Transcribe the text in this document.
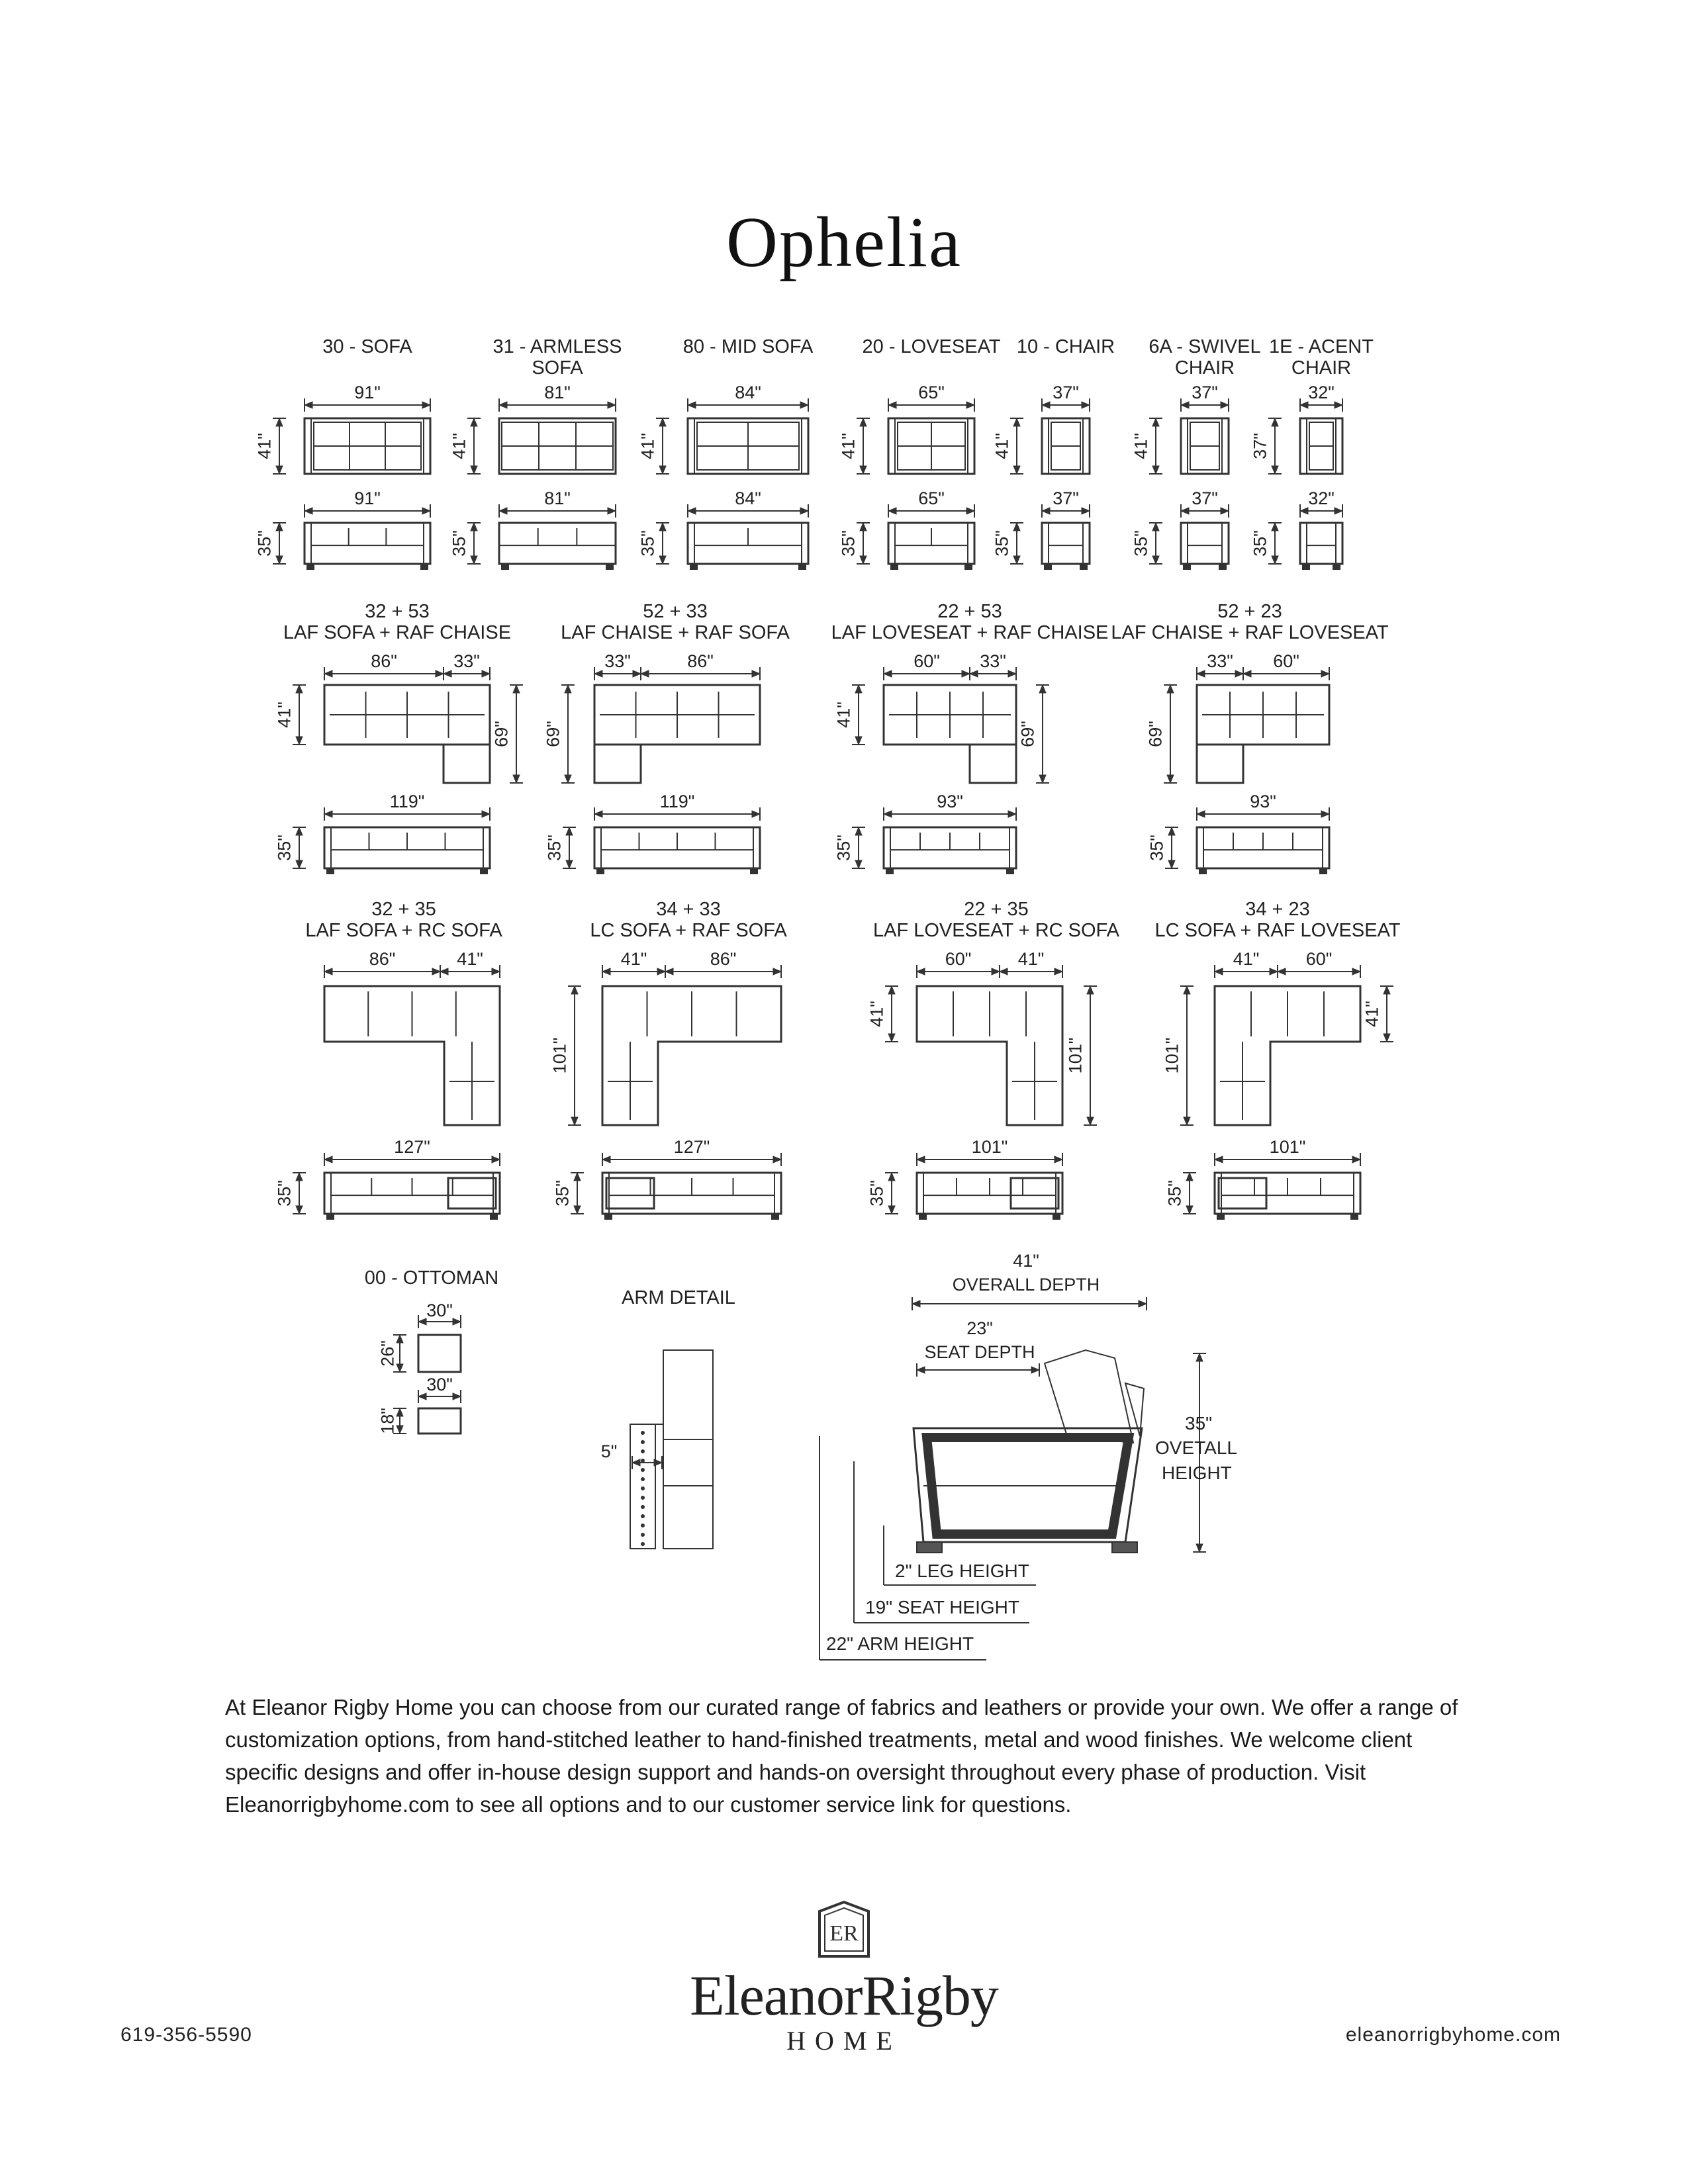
Ophelia
30 - SOFA
91"
41"
91"
35"
31 - ARMLESS
SOFA
81"
41"
81"
35"
80 - MID SOFA
84"
41"
84"
35"
20 - LOVESEAT
65"
41"
65"
35"
10 - CHAIR
37"
41"
37"
35"
6A - SWIVEL
CHAIR
37"
41"
37"
35"
1E - ACENT
CHAIR
32"
37"
32"
35"
32 + 53
LAF SOFA + RAF CHAISE
86"	33"
69"
41"
119"
35"
52 + 33
LAF CHAISE + RAF SOFA
33"	86"
69"
119"
35"
22 + 53
LAF LOVESEAT + RAF CHAISE
60" 33"
69"
41"
93"
35"
52 + 23
LAF CHAISE + RAF LOVESEAT
33" 60"
69"
93"
35"
32 + 35
LAF SOFA + RC SOFA
86"	41"
127"
35"
34 + 33
LC SOFA + RAF SOFA
41"	86"
101"
127"
35"
22 + 35
LAF LOVESEAT + RC SOFA
60"	41"
101"
41"
101"
35"
34 + 23
LC SOFA + RAF LOVESEAT
41"	60"
101"
41"
101"
35"
00 - OTTOMAN
30"
26"
30"
18"
ARM DETAIL
5"
41"
OVERALL DEPTH
23"
SEAT DEPTH
35"
OVETALL
HEIGHT
2" LEG HEIGHT
19" SEAT HEIGHT
22" ARM HEIGHT

At Eleanor Rigby Home you can choose from our curated range of fabrics and leathers or provide your own. We offer a range of customization options, from hand-stitched leather to hand-finished treatments, metal and wood finishes. We welcome client specific designs and offer in-house design support and hands-on oversight throughout every phase of production. Visit Eleanorrigbyhome.com to see all options and to our customer service link for questions.

ER
EleanorRigby
HOME
619-356-5590	eleanorrigbyhome.com
